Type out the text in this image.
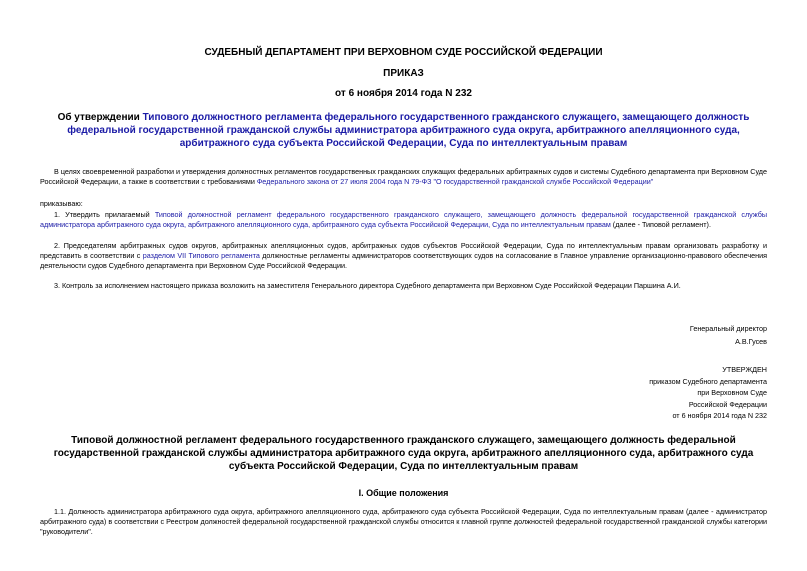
СУДЕБНЫЙ ДЕПАРТАМЕНТ ПРИ ВЕРХОВНОМ СУДЕ РОССИЙСКОЙ ФЕДЕРАЦИИ
ПРИКАЗ
от 6 ноября 2014 года N 232
Об утверждении Типового должностного регламента федерального государственного гражданского служащего, замещающего должность федеральной государственной гражданской службы администратора арбитражного суда округа, арбитражного апелляционного суда, арбитражного суда субъекта Российской Федерации, Суда по интеллектуальным правам
В целях своевременной разработки и утверждения должностных регламентов государственных гражданских служащих федеральных арбитражных судов и системы Судебного департамента при Верховном Суде Российской Федерации, а также в соответствии с требованиями Федерального закона от 27 июля 2004 года N 79-ФЗ "О государственной гражданской службе Российской Федерации"
приказываю:
1. Утвердить прилагаемый Типовой должностной регламент федерального государственного гражданского служащего, замещающего должность федеральной государственной гражданской службы администратора арбитражного суда округа, арбитражного апелляционного суда, арбитражного суда субъекта Российской Федерации, Суда по интеллектуальным правам (далее - Типовой регламент).
2. Председателям арбитражных судов округов, арбитражных апелляционных судов, арбитражных судов субъектов Российской Федерации, Суда по интеллектуальным правам организовать разработку и представить в соответствии с разделом VII Типового регламента должностные регламенты администраторов соответствующих судов на согласование в Главное управление организационно-правового обеспечения деятельности судов Судебного департамента при Верховном Суде Российской Федерации.
3. Контроль за исполнением настоящего приказа возложить на заместителя Генерального директора Судебного департамента при Верховном Суде Российской Федерации Паршина А.И.
Генеральный директор
А.В.Гусев
УТВЕРЖДЕН
приказом Судебного департамента
при Верховном Суде
Российской Федерации
от 6 ноября 2014 года N 232
Типовой должностной регламент федерального государственного гражданского служащего, замещающего должность федеральной государственной гражданской службы администратора арбитражного суда округа, арбитражного апелляционного суда, арбитражного суда субъекта Российской Федерации, Суда по интеллектуальным правам
I. Общие положения
1.1. Должность администратора арбитражного суда округа, арбитражного апелляционного суда, арбитражного суда субъекта Российской Федерации, Суда по интеллектуальным правам (далее - администратор арбитражного суда) в соответствии с Реестром должностей федеральной государственной гражданской службы относится к главной группе должностей федеральной государственной гражданской службы категории "руководители".
